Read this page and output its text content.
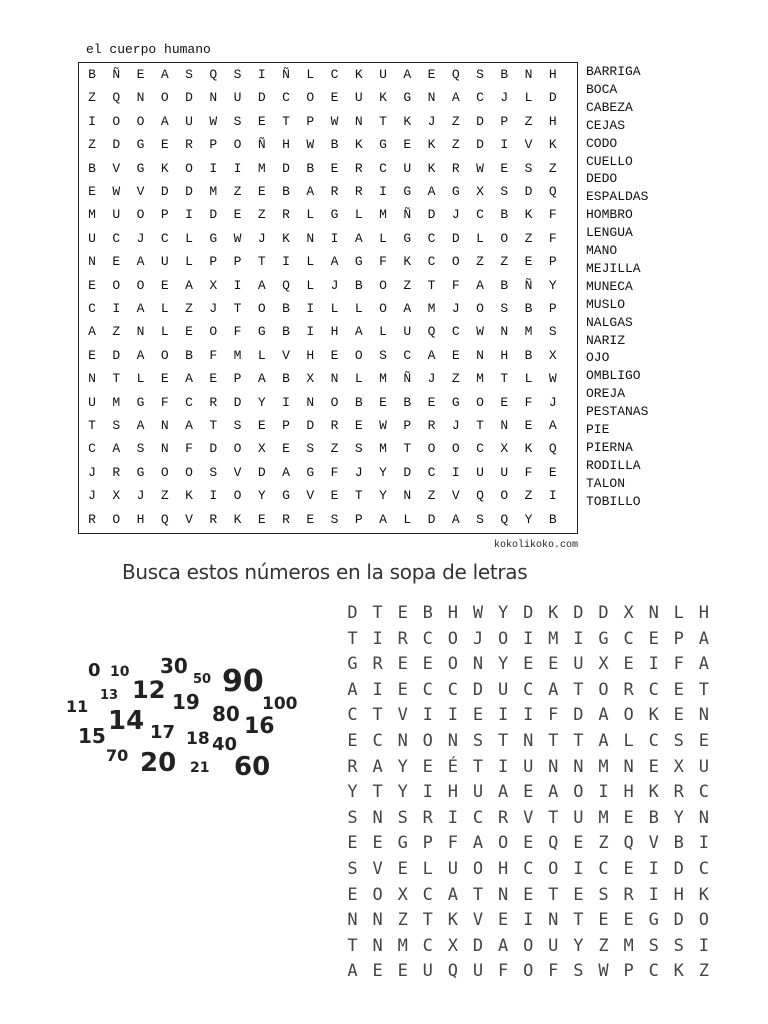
el cuerpo humano
B	Ñ	E	A	S	Q	S	I	Ñ	L	C	K	U	A	E	Q	S	B	N	H
Z	Q	N	O	D	N	U	D	C	O	E	U	K	G	N	A	C	J	L	D
I	O	O	A	U	W	S	E	T	P	W	N	T	K	J	Z	D	P	Z	H
Z	D	G	E	R	P	O	Ñ	H	W	B	K	G	E	K	Z	D	I	V	K
B	V	G	K	O	I	I	M	D	B	E	R	C	U	K	R	W	E	S	Z
E	W	V	D	D	M	Z	E	B	A	R	R	I	G	A	G	X	S	D	Q
M	U	O	P	I	D	E	Z	R	L	G	L	M	Ñ	D	J	C	B	K	F
U	C	J	C	L	G	W	J	K	N	I	A	L	G	C	D	L	O	Z	F
N	E	A	U	L	P	P	T	I	L	A	G	F	K	C	O	Z	Z	E	P
E	O	O	E	A	X	I	A	Q	L	J	B	O	Z	T	F	A	B	Ñ	Y
C	I	A	L	Z	J	T	O	B	I	L	L	O	A	M	J	O	S	B	P
A	Z	N	L	E	O	F	G	B	I	H	A	L	U	Q	C	W	N	M	S
E	D	A	O	B	F	M	L	V	H	E	O	S	C	A	E	N	H	B	X
N	T	L	E	A	E	P	A	B	X	N	L	M	Ñ	J	Z	M	T	L	W
U	M	G	F	C	R	D	Y	I	N	O	B	E	B	E	G	O	E	F	J
T	S	A	N	A	T	S	E	P	D	R	E	W	P	R	J	T	N	E	A
C	A	S	N	F	D	O	X	E	S	Z	S	M	T	O	O	C	X	K	Q
J	R	G	O	O	S	V	D	A	G	F	J	Y	D	C	I	U	U	F	E
J	X	J	Z	K	I	O	Y	G	V	E	T	Y	N	Z	V	Q	O	Z	I
R	O	H	Q	V	R	K	E	R	E	S	P	A	L	D	A	S	Q	Y	B
BARRIGA
BOCA
CABEZA
CEJAS
CODO
CUELLO
DEDO
ESPALDAS
HOMBRO
LENGUA
MANO
MEJILLA
MUNECA
MUSLO
NALGAS
NARIZ
OJO
OMBLIGO
OREJA
PESTANAS
PIE
PIERNA
RODILLA
TALON
TOBILLO
kokolikoko.com
Busca estos números en la sopa de letras
0 10 30
50 90
11
13 12 19 80 100
15 14 17 18 40
16
70 20 21 60
D T E B H W Y D K D D X N L H
T I R C O J O I M I G C E P A
G R E E O N Y E E U X E I F A
A I E C C D U C A T O R C E T
C T V I I E I I F D A O K E N
E C N O N S T N T T A L C S E
R A Y E É T I U N N M N E X U
Y T Y I H U A E A O I H K R C
S N S R I C R V T U M E B Y N
E E G P F A O E Q E Z Q V B I
S V E L U O H C O I C E I D C
E O X C A T N E T E S R I H K
N N Z T K V E I N T E E G D O
T N M C X D A O U Y Z M S S I
A E E U Q U F O F S W P C K Z
